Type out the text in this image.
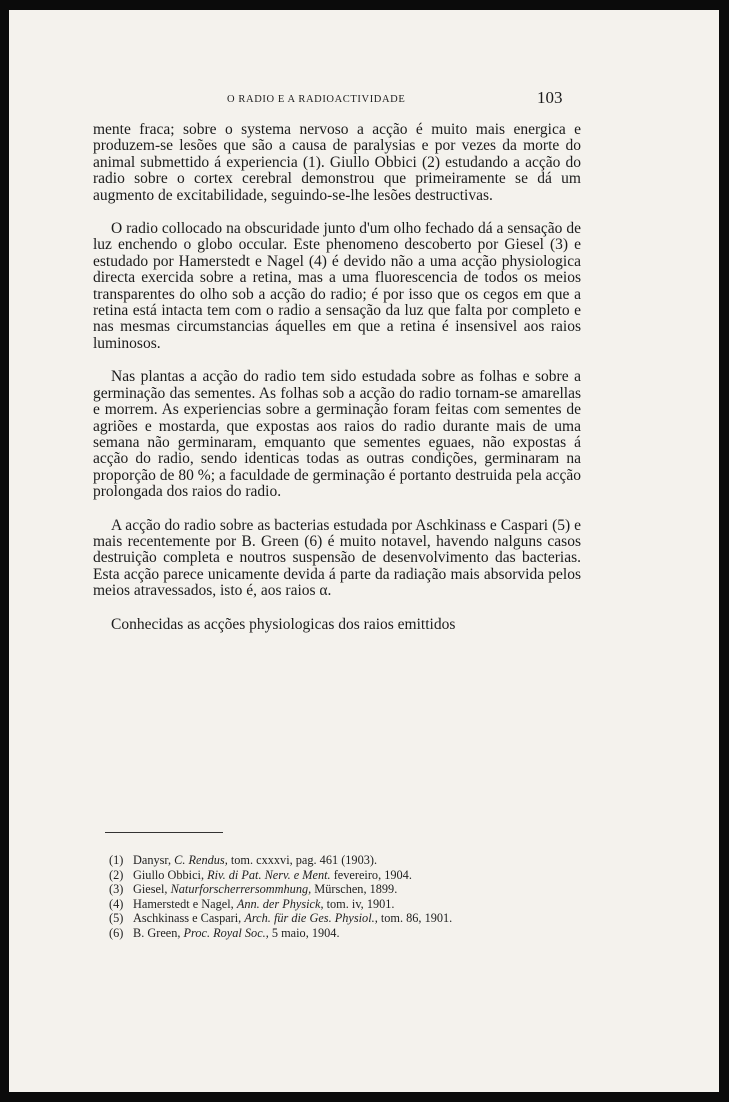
O RADIO E A RADIOACTIVIDADE	103

mente fraca; sobre o systema nervoso a acção é muito mais energica e produzem-se lesões que são a causa de paralysias e por vezes da morte do animal submettido á experiencia (1). Giullo Obbici (2) estudando a acção do radio sobre o cortex cerebral demonstrou que primeiramente se dá um augmento de excitabilidade, seguindo-se-lhe lesões destructivas.

O radio collocado na obscuridade junto d'um olho fechado dá a sensação de luz enchendo o globo occular. Este phenomeno descoberto por Giesel (3) e estudado por Hamerstedt e Nagel (4) é devido não a uma acção physiologica directa exercida sobre a retina, mas a uma fluorescencia de todos os meios transparentes do olho sob a acção do radio; é por isso que os cegos em que a retina está intacta tem com o radio a sensação da luz que falta por completo e nas mesmas circumstancias áquelles em que a retina é insensivel aos raios luminosos.

Nas plantas a acção do radio tem sido estudada sobre as folhas e sobre a germinação das sementes. As folhas sob a acção do radio tornam-se amarellas e morrem. As experiencias sobre a germinação foram feitas com sementes de agriões e mostarda, que expostas aos raios do radio durante mais de uma semana não germinaram, emquanto que sementes eguaes, não expostas á acção do radio, sendo identicas todas as outras condições, germinaram na proporção de 80 %; a faculdade de germinação é portanto destruida pela acção prolongada dos raios do radio.

A acção do radio sobre as bacterias estudada por Aschkinass e Caspari (5) e mais recentemente por B. Green (6) é muito notavel, havendo nalguns casos destruição completa e noutros suspensão de desenvolvimento das bacterias. Esta acção parece unicamente devida á parte da radiação mais absorvida pelos meios atravessados, isto é, aos raios α.

Conhecidas as acções physiologicas dos raios emittidos

(1) Danysr, C. Rendus, tom. cxxxvi, pag. 461 (1903).
(2) Giullo Obbici, Riv. di Pat. Nerv. e Ment. fevereiro, 1904.
(3) Giesel, Naturforscherrersommhung, Mürschen, 1899.
(4) Hamerstedt e Nagel, Ann. der Physick, tom. iv, 1901.
(5) Aschkinass e Caspari, Arch. für die Ges. Physiol., tom. 86, 1901.
(6) B. Green, Proc. Royal Soc., 5 maio, 1904.
